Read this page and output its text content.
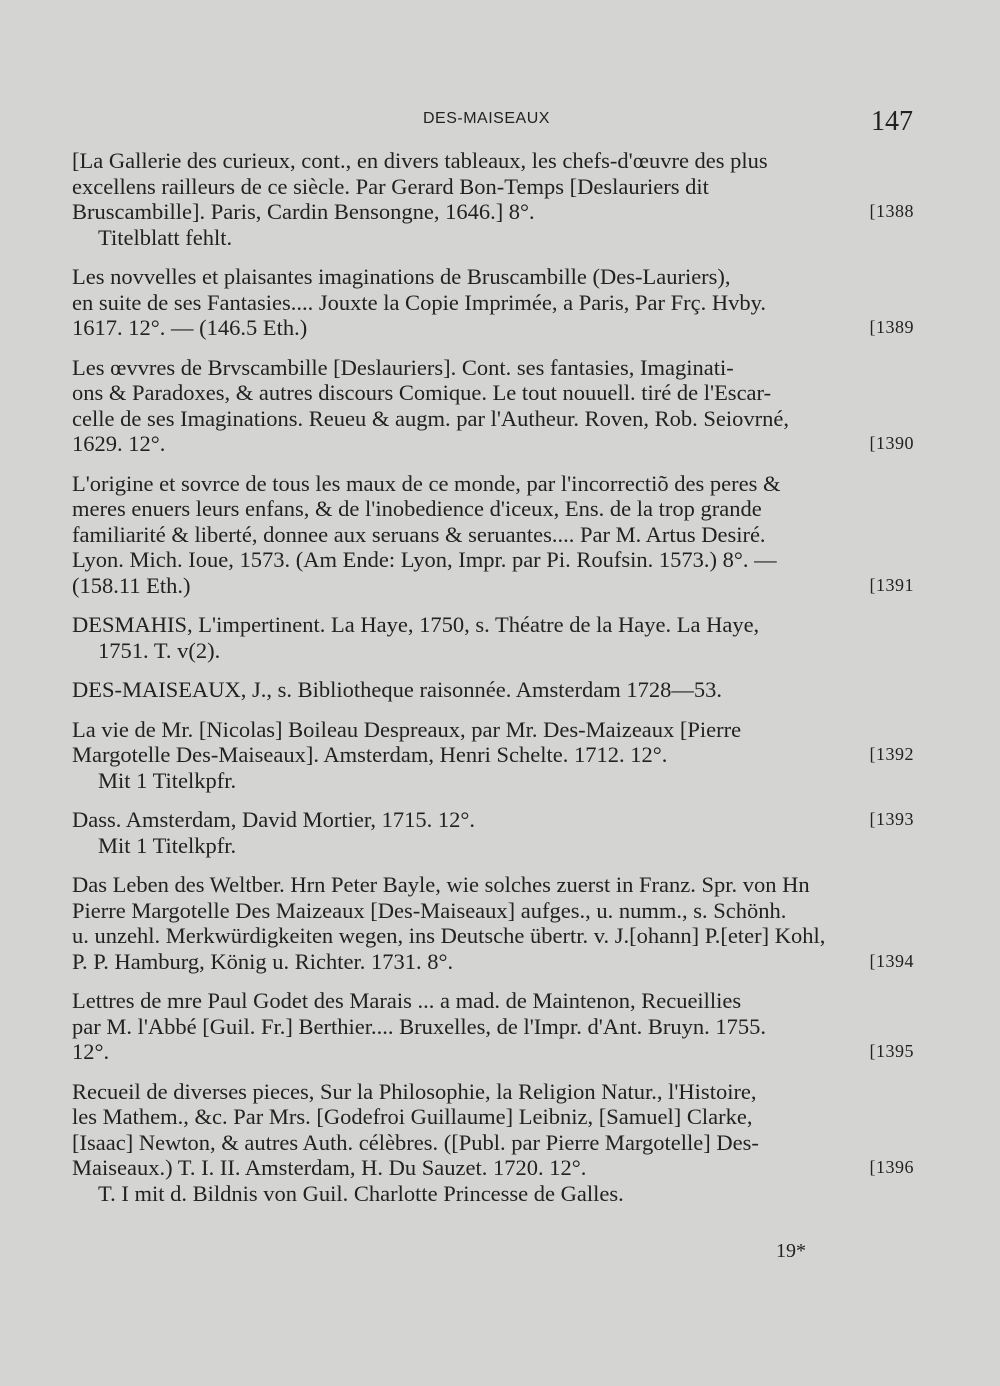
DES-MAISEAUX	147
[La Gallerie des curieux, cont., en divers tableaux, les chefs-d'œuvre des plus
excellens railleurs de ce siècle. Par Gerard Bon-Temps [Deslauriers dit
Bruscambille]. Paris, Cardin Bensongne, 1646.] 8°.	[1388
Titelblatt fehlt.
Les novvelles et plaisantes imaginations de Bruscambille (Des-Lauriers),
en suite de ses Fantasies.... Jouxte la Copie Imprimée, a Paris, Par Frç. Hvby.
1617. 12°. — (146.5 Eth.)	[1389
Les œvvres de Brvscambille [Deslauriers]. Cont. ses fantasies, Imaginati-
ons & Paradoxes, & autres discours Comique. Le tout nouuell. tiré de l'Escar-
celle de ses Imaginations. Reueu & augm. par l'Autheur. Roven, Rob. Seiovrné,
1629. 12°.	[1390
L'origine et sovrce de tous les maux de ce monde, par l'incorrectiõ des peres &
meres enuers leurs enfans, & de l'inobedience d'iceux, Ens. de la trop grande
familiarité & liberté, donnee aux seruans & seruantes.... Par M. Artus Desiré.
Lyon. Mich. Ioue, 1573. (Am Ende: Lyon, Impr. par Pi. Roufsin. 1573.) 8°. —
(158.11 Eth.)	[1391
DESMAHIS, L'impertinent. La Haye, 1750, s. Théatre de la Haye. La Haye,
1751. T. v(2).
DES-MAISEAUX, J., s. Bibliotheque raisonnée. Amsterdam 1728—53.
La vie de Mr. [Nicolas] Boileau Despreaux, par Mr. Des-Maizeaux [Pierre
Margotelle Des-Maiseaux]. Amsterdam, Henri Schelte. 1712. 12°.	[1392
Mit 1 Titelkpfr.
Dass. Amsterdam, David Mortier, 1715. 12°.	[1393
Mit 1 Titelkpfr.
Das Leben des Weltber. Hrn Peter Bayle, wie solches zuerst in Franz. Spr. von Hn
Pierre Margotelle Des Maizeaux [Des-Maiseaux] aufges., u. numm., s. Schönh.
u. unzehl. Merkwürdigkeiten wegen, ins Deutsche übertr. v. J.[ohann] P.[eter] Kohl,
P. P. Hamburg, König u. Richter. 1731. 8°.	[1394
Lettres de mre Paul Godet des Marais ... a mad. de Maintenon, Recueillies
par M. l'Abbé [Guil. Fr.] Berthier.... Bruxelles, de l'Impr. d'Ant. Bruyn. 1755.
12°.	[1395
Recueil de diverses pieces, Sur la Philosophie, la Religion Natur., l'Histoire,
les Mathem., &c. Par Mrs. [Godefroi Guillaume] Leibniz, [Samuel] Clarke,
[Isaac] Newton, & autres Auth. célèbres. ([Publ. par Pierre Margotelle] Des-
Maiseaux.) T. I. II. Amsterdam, H. Du Sauzet. 1720. 12°.	[1396
T. I mit d. Bildnis von Guil. Charlotte Princesse de Galles.
19*
